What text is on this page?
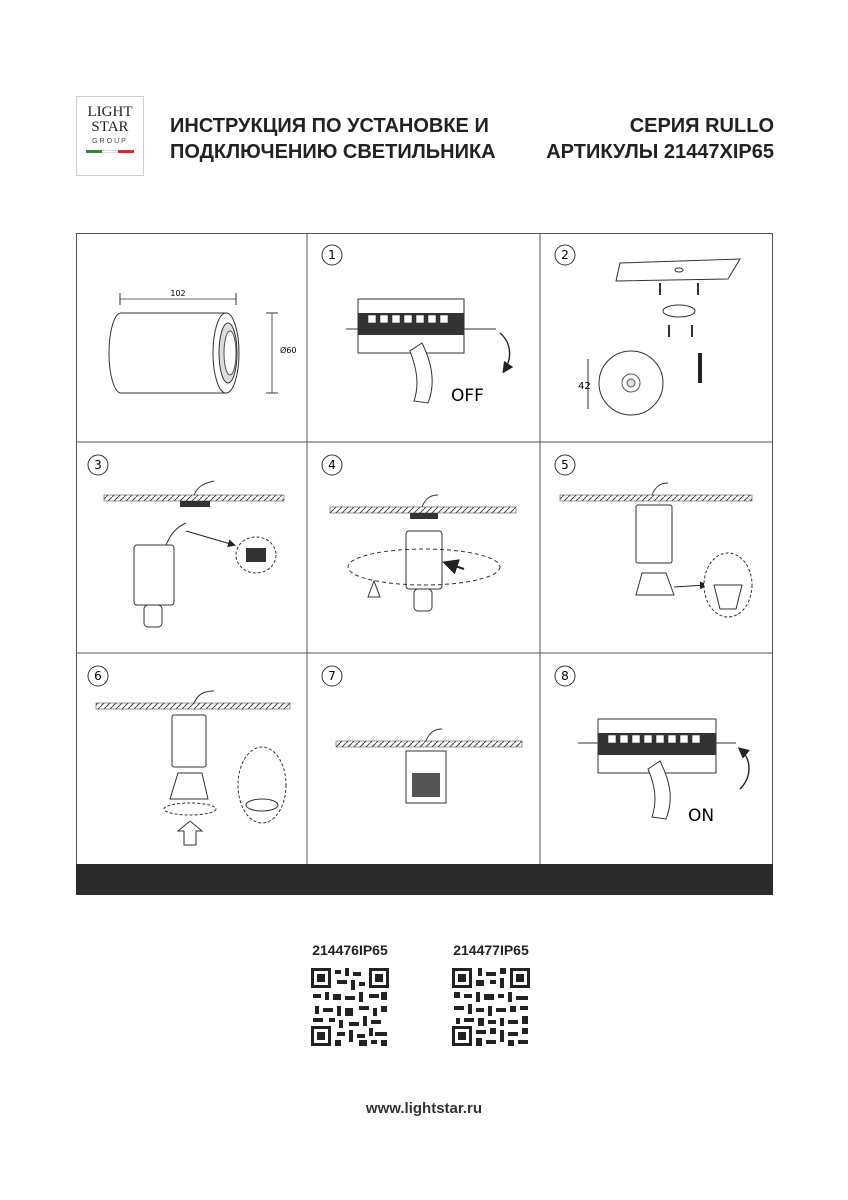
LIGHT
STAR
GROUP
ИНСТРУКЦИЯ ПО УСТАНОВКЕ И
ПОДКЛЮЧЕНИЮ СВЕТИЛЬНИКА
СЕРИЯ RULLO
АРТИКУЛЫ 21447XIP65
102
Ø60
1	2
3	4	5
6	7	8
OFF	42
ON
214476IP65	214477IP65
www.lightstar.ru
